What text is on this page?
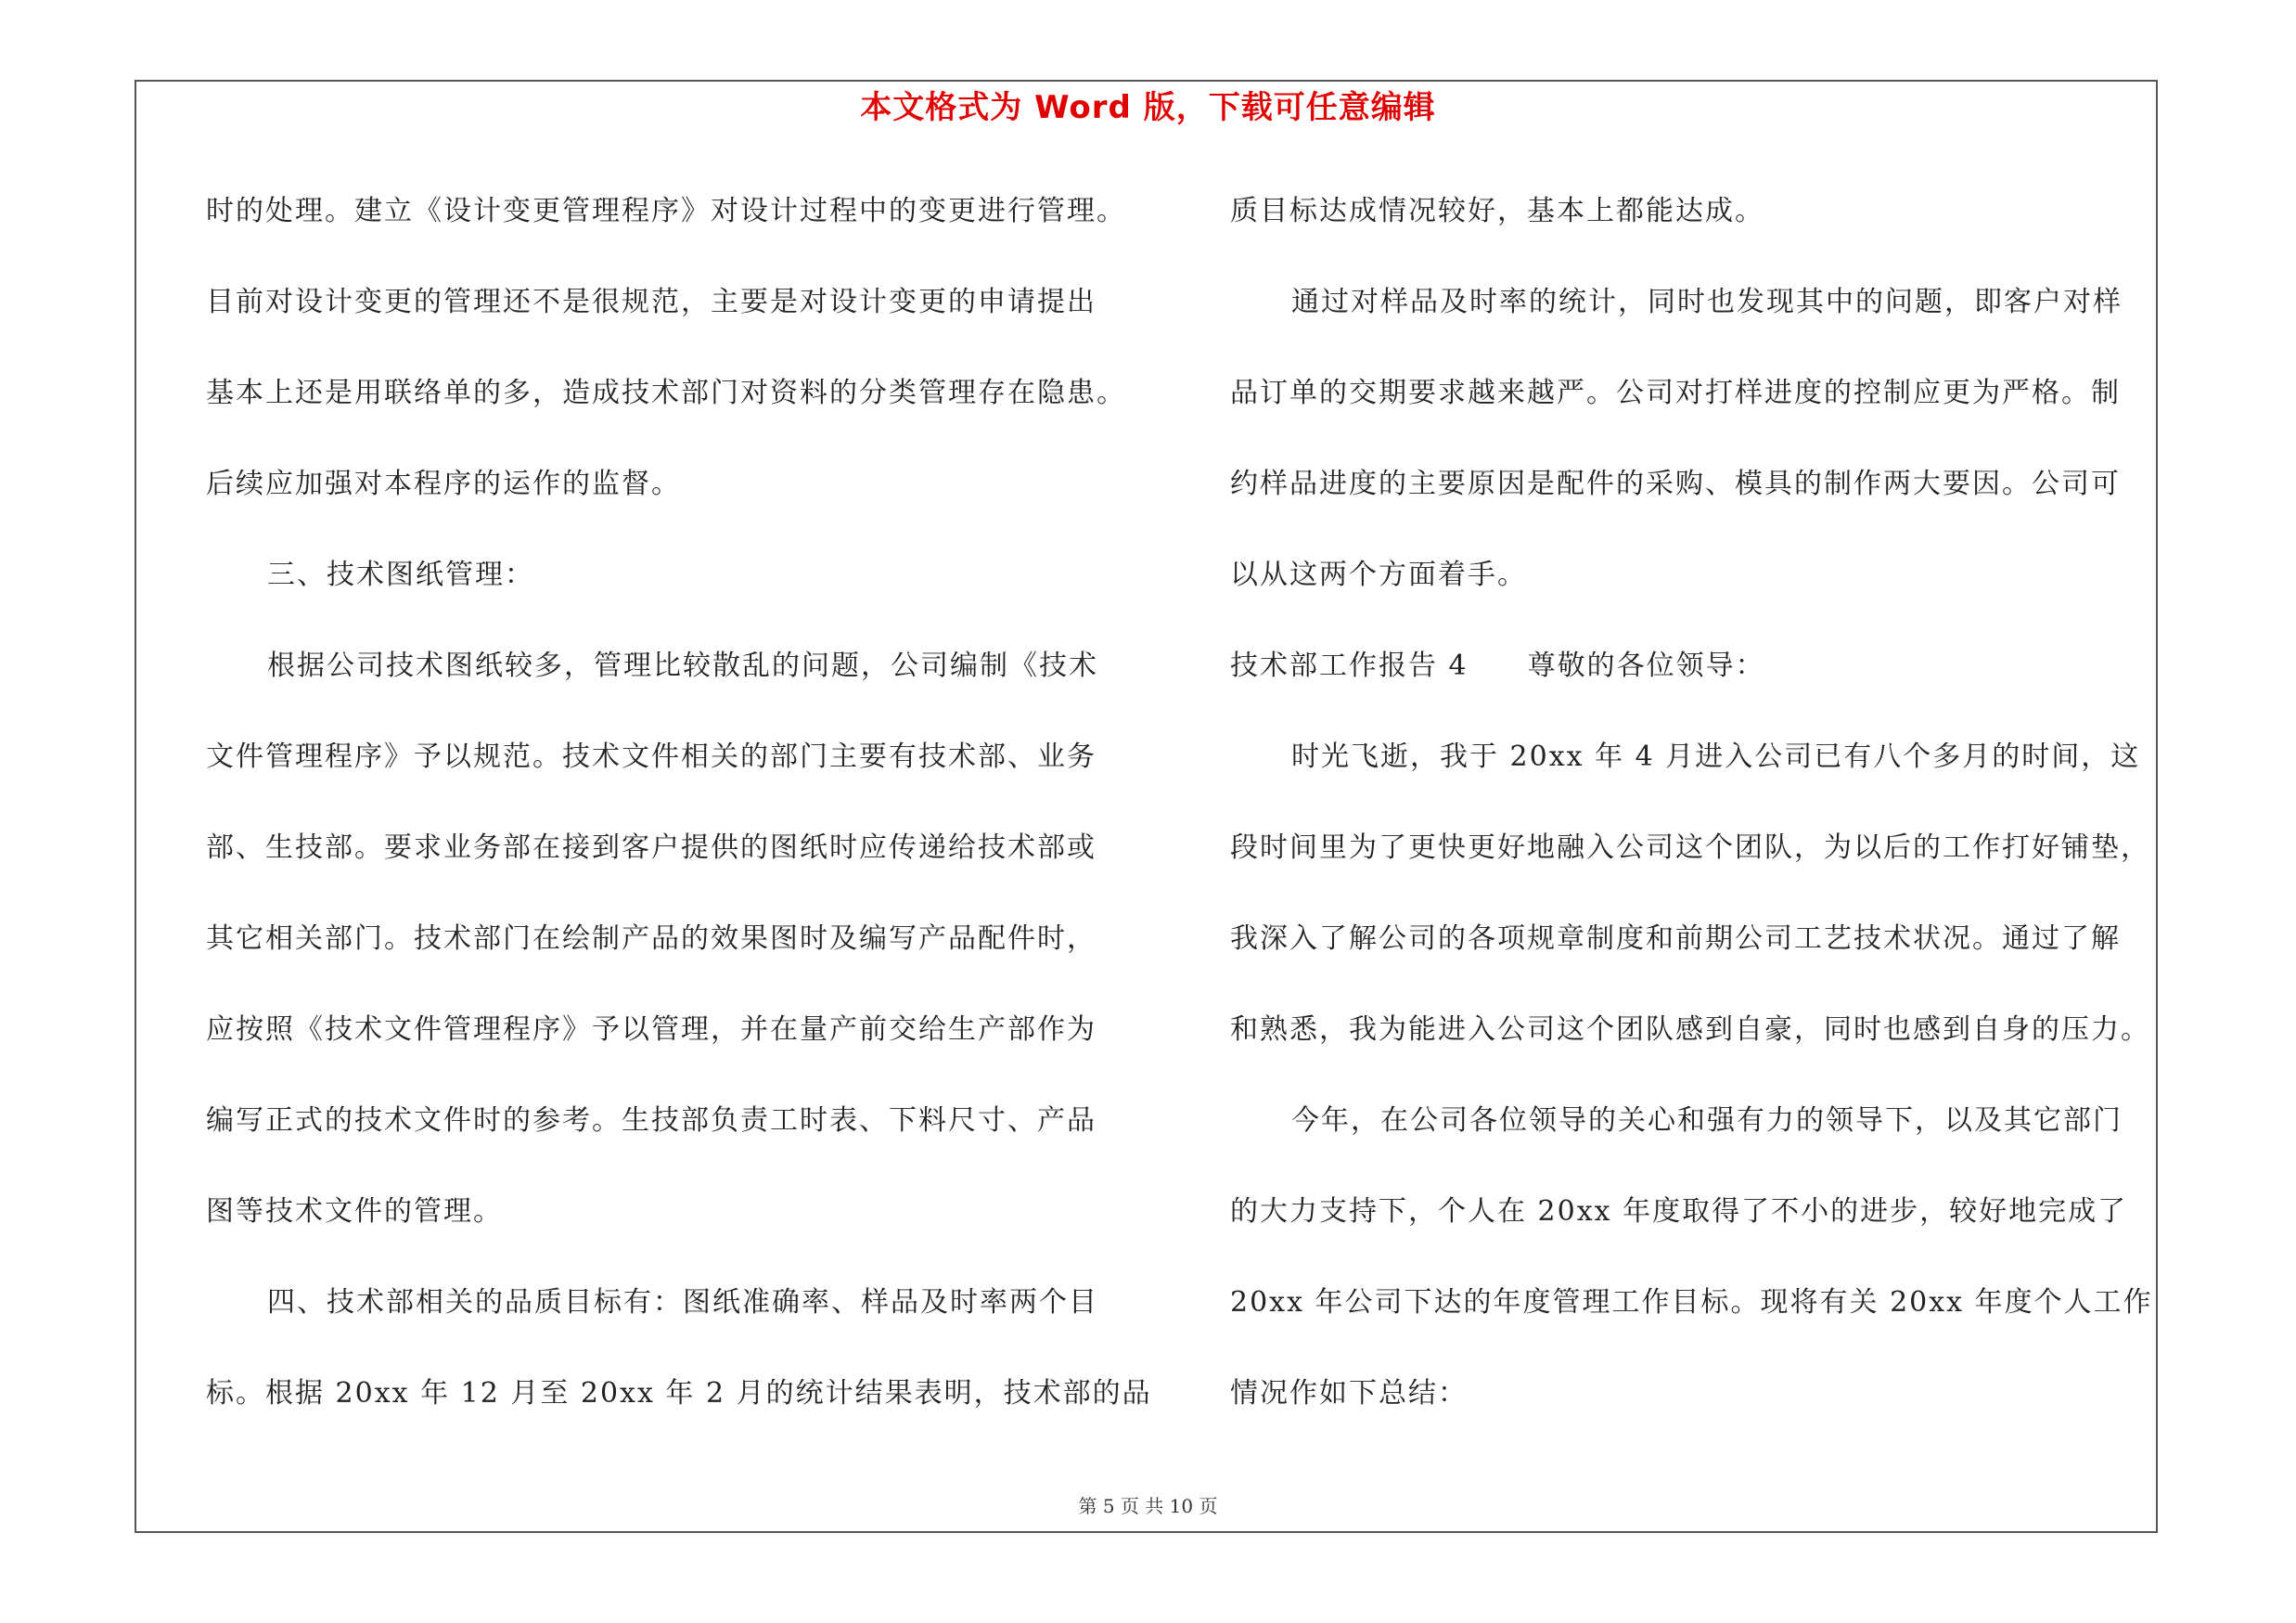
本文格式为 Word 版，下载可任意编辑
时的处理。建立《设计变更管理程序》对设计过程中的变更进行管理。
目前对设计变更的管理还不是很规范，主要是对设计变更的申请提出
基本上还是用联络单的多，造成技术部门对资料的分类管理存在隐患。
后续应加强对本程序的运作的监督。
三、技术图纸管理：
根据公司技术图纸较多，管理比较散乱的问题，公司编制《技术
文件管理程序》予以规范。技术文件相关的部门主要有技术部、业务
部、生技部。要求业务部在接到客户提供的图纸时应传递给技术部或
其它相关部门。技术部门在绘制产品的效果图时及编写产品配件时，
应按照《技术文件管理程序》予以管理，并在量产前交给生产部作为
编写正式的技术文件时的参考。生技部负责工时表、下料尺寸、产品
图等技术文件的管理。
四、技术部相关的品质目标有：图纸准确率、样品及时率两个目
标。根据 20xx 年 12 月至 20xx 年 2 月的统计结果表明，技术部的品
质目标达成情况较好，基本上都能达成。
通过对样品及时率的统计，同时也发现其中的问题，即客户对样
品订单的交期要求越来越严。公司对打样进度的控制应更为严格。制
约样品进度的主要原因是配件的采购、模具的制作两大要因。公司可
以从这两个方面着手。
技术部工作报告 4　　尊敬的各位领导：
时光飞逝，我于 20xx 年 4 月进入公司已有八个多月的时间，这
段时间里为了更快更好地融入公司这个团队，为以后的工作打好铺垫，
我深入了解公司的各项规章制度和前期公司工艺技术状况。通过了解
和熟悉，我为能进入公司这个团队感到自豪，同时也感到自身的压力。
今年，在公司各位领导的关心和强有力的领导下，以及其它部门
的大力支持下，个人在 20xx 年度取得了不小的进步，较好地完成了
20xx 年公司下达的年度管理工作目标。现将有关 20xx 年度个人工作
情况作如下总结：
第 5 页 共 10 页
